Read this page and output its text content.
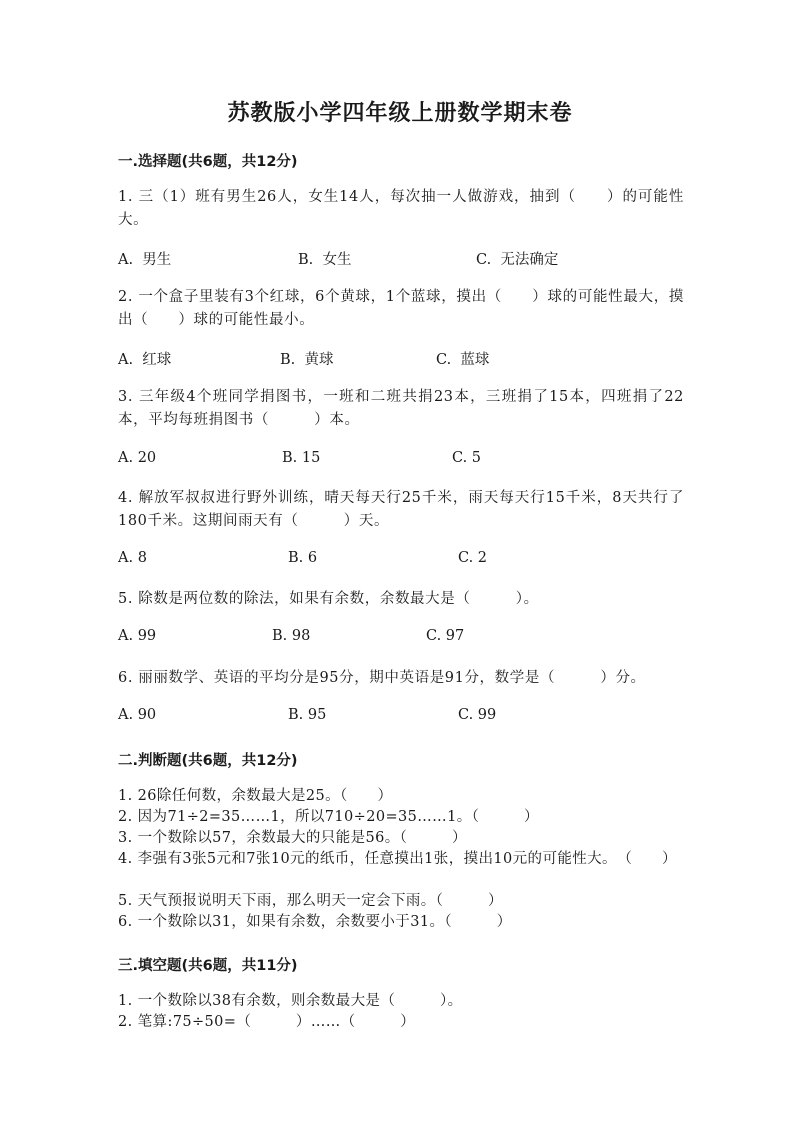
苏教版小学四年级上册数学期末卷
一.选择题(共6题，共12分)
1. 三（1）班有男生26人，女生14人，每次抽一人做游戏，抽到（　　）的可能性大。
A.  男生	B.  女生	C.  无法确定
2. 一个盒子里装有3个红球，6个黄球，1个蓝球，摸出（　　）球的可能性最大，摸出（　　）球的可能性最小。
A.  红球	B.  黄球	C.  蓝球
3. 三年级4个班同学捐图书，一班和二班共捐23本，三班捐了15本，四班捐了22本，平均每班捐图书（　　　）本。
A. 20	B. 15	C. 5
4. 解放军叔叔进行野外训练，晴天每天行25千米，雨天每天行15千米，8天共行了180千米。这期间雨天有（　　　）天。
A. 8	B. 6	C. 2
5. 除数是两位数的除法，如果有余数，余数最大是（　　　）。
A. 99	B. 98	C. 97
6. 丽丽数学、英语的平均分是95分，期中英语是91分，数学是（　　　）分。
A. 90	B. 95	C. 99
二.判断题(共6题，共12分)
1. 26除任何数，余数最大是25。（　　）
2. 因为71÷2=35……1，所以710÷20=35……1。（　　　）
3. 一个数除以57，余数最大的只能是56。（　　　）
4. 李强有3张5元和7张10元的纸币，任意摸出1张，摸出10元的可能性大。　（　　）
5. 天气预报说明天下雨，那么明天一定会下雨。（　　　）
6. 一个数除以31，如果有余数，余数要小于31。（　　　）
三.填空题(共6题，共11分)
1. 一个数除以38有余数，则余数最大是（　　　）。
2. 笔算:75÷50=（　　　）……（　　　）
